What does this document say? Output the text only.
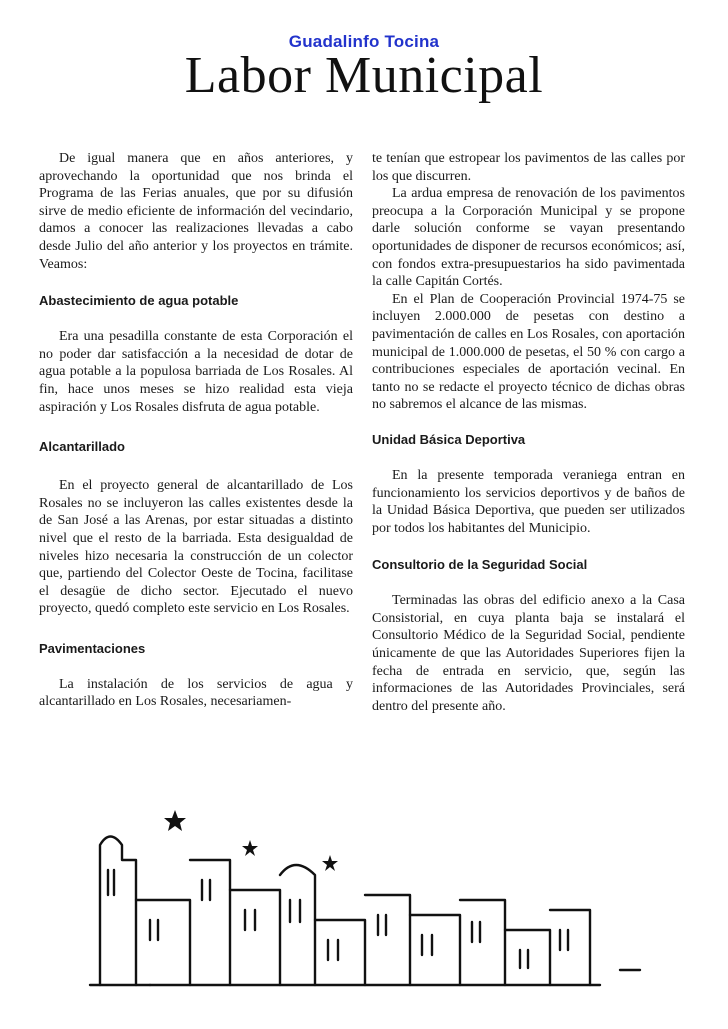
Guadalinfo Tocina
Labor Municipal

De igual manera que en años anteriores, y aprovechando la oportunidad que nos brinda el Programa de las Ferias anuales, que por su difusión sirve de medio eficiente de información del vecindario, damos a conocer las realizaciones llevadas a cabo desde Julio del año anterior y los proyectos en trámite. Veamos:

Abastecimiento de agua potable

Era una pesadilla constante de esta Corporación el no poder dar satisfacción a la necesidad de dotar de agua potable a la populosa barriada de Los Rosales. Al fin, hace unos meses se hizo realidad esta vieja aspiración y Los Rosales disfruta de agua potable.

Alcantarillado

En el proyecto general de alcantarillado de Los Rosales no se incluyeron las calles existentes desde la de San José a las Arenas, por estar situadas a distinto nivel que el resto de la barriada. Esta desigualdad de niveles hizo necesaria la construcción de un colector que, partiendo del Colector Oeste de Tocina, facilitase el desagüe de dicho sector. Ejecutado el nuevo proyecto, quedó completo este servicio en Los Rosales.

Pavimentaciones

La instalación de los servicios de agua y alcantarillado en Los Rosales, necesariamen-

te tenían que estropear los pavimentos de las calles por los que discurren.

La ardua empresa de renovación de los pavimentos preocupa a la Corporación Municipal y se propone darle solución conforme se vayan presentando oportunidades de disponer de recursos económicos; así, con fondos extra-presupuestarios ha sido pavimentada la calle Capitán Cortés.

En el Plan de Cooperación Provincial 1974-75 se incluyen 2.000.000 de pesetas con destino a pavimentación de calles en Los Rosales, con aportación municipal de 1.000.000 de pesetas, el 50 % con cargo a contribuciones especiales de aportación vecinal. En tanto no se redacte el proyecto técnico de dichas obras no sabremos el alcance de las mismas.

Unidad Básica Deportiva

En la presente temporada veraniega entran en funcionamiento los servicios deportivos y de baños de la Unidad Básica Deportiva, que pueden ser utilizados por todos los habitantes del Municipio.

Consultorio de la Seguridad Social

Terminadas las obras del edificio anexo a la Casa Consistorial, en cuya planta baja se instalará el Consultorio Médico de la Seguridad Social, pendiente únicamente de que las Autoridades Superiores fijen la fecha de entrada en servicio, que, según las informaciones de las Autoridades Provinciales, será dentro del presente año.
